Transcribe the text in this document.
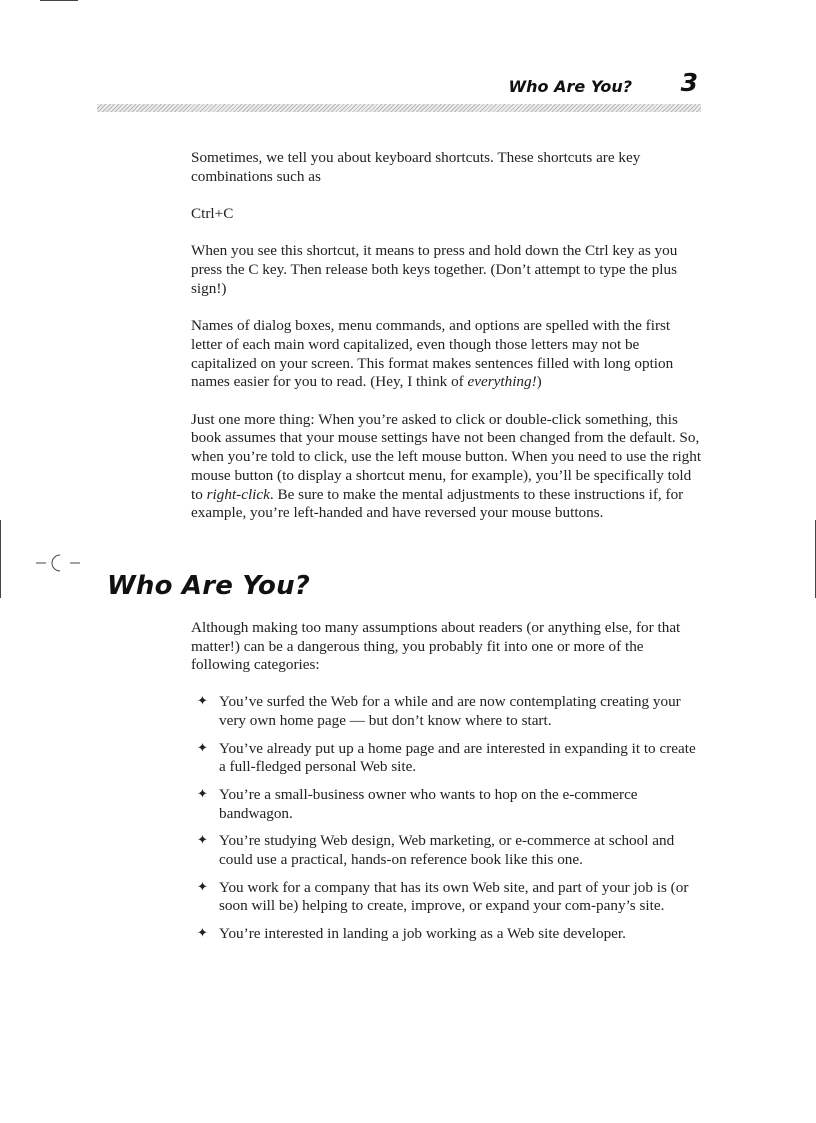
Who Are You? 3

Sometimes, we tell you about keyboard shortcuts. These shortcuts are key combinations such as

Ctrl+C

When you see this shortcut, it means to press and hold down the Ctrl key as you press the C key. Then release both keys together. (Don’t attempt to type the plus sign!)

Names of dialog boxes, menu commands, and options are spelled with the first letter of each main word capitalized, even though those letters may not be capitalized on your screen. This format makes sentences filled with long option names easier for you to read. (Hey, I think of everything!)

Just one more thing: When you’re asked to click or double-click something, this book assumes that your mouse settings have not been changed from the default. So, when you’re told to click, use the left mouse button. When you need to use the right mouse button (to display a shortcut menu, for example), you’ll be specifically told to right-click. Be sure to make the mental adjustments to these instructions if, for example, you’re left-handed and have reversed your mouse buttons.

Who Are You?

Although making too many assumptions about readers (or anything else, for that matter!) can be a dangerous thing, you probably fit into one or more of the following categories:

✦ You’ve surfed the Web for a while and are now contemplating creating your very own home page — but don’t know where to start.
✦ You’ve already put up a home page and are interested in expanding it to create a full-fledged personal Web site.
✦ You’re a small-business owner who wants to hop on the e-commerce bandwagon.
✦ You’re studying Web design, Web marketing, or e-commerce at school and could use a practical, hands-on reference book like this one.
✦ You work for a company that has its own Web site, and part of your job is (or soon will be) helping to create, improve, or expand your com-pany’s site.
✦ You’re interested in landing a job working as a Web site developer.
